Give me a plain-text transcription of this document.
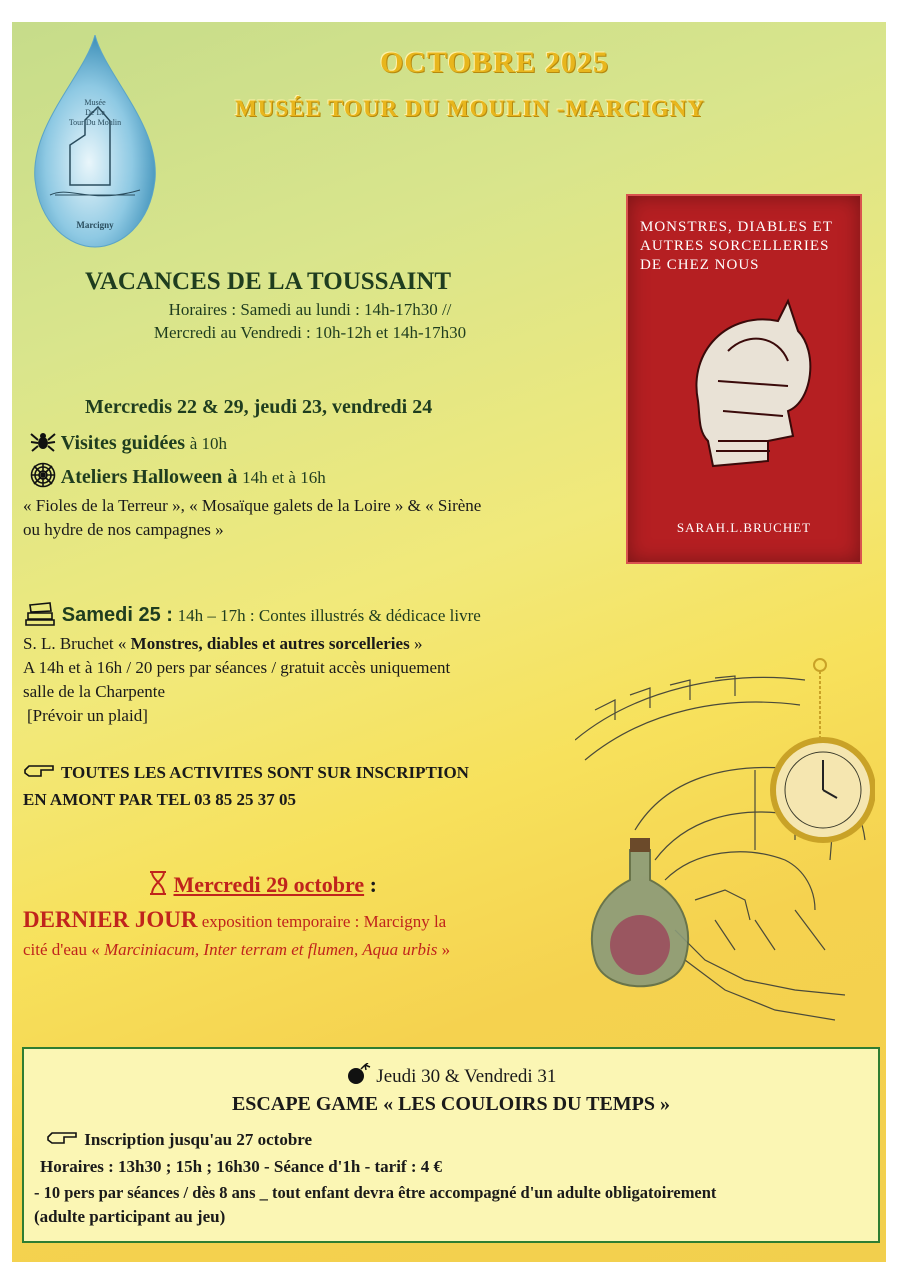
Musée
De La
Tour Du Moulin
Marcigny
OCTOBRE 2025
MUSÉE TOUR DU MOULIN -MARCIGNY
VACANCES DE LA TOUSSAINT
Horaires : Samedi au lundi : 14h-17h30 //
Mercredi au Vendredi : 10h-12h et 14h-17h30
Mercredis 22 & 29, jeudi 23, vendredi 24
Visites guidées à 10h
Ateliers Halloween à 14h et à 16h
« Fioles de la Terreur », « Mosaïque galets de la Loire » & « Sirène
ou hydre de nos campagnes »
Samedi 25 : 14h – 17h : Contes illustrés & dédicace livre
S. L. Bruchet « Monstres, diables et autres sorcelleries »
A 14h et à 16h / 20 pers par séances / gratuit accès uniquement
salle de la Charpente
[Prévoir un plaid]
TOUTES LES ACTIVITES SONT SUR INSCRIPTION
EN AMONT PAR TEL 03 85 25 37 05
Mercredi 29 octobre :
DERNIER JOUR exposition temporaire : Marcigny la
cité d'eau « Marciniacum, Inter terram et flumen, Aqua urbis »
MONSTRES, DIABLES ET AUTRES SORCELLERIES DE CHEZ NOUS
SARAH.L.BRUCHET
Jeudi 30 & Vendredi 31
ESCAPE GAME « LES COULOIRS DU TEMPS »
Inscription jusqu'au 27 octobre
Horaires : 13h30 ; 15h ; 16h30 - Séance d'1h - tarif : 4 €
- 10 pers par séances / dès 8 ans _ tout enfant devra être accompagné d'un adulte obligatoirement
(adulte participant au jeu)
